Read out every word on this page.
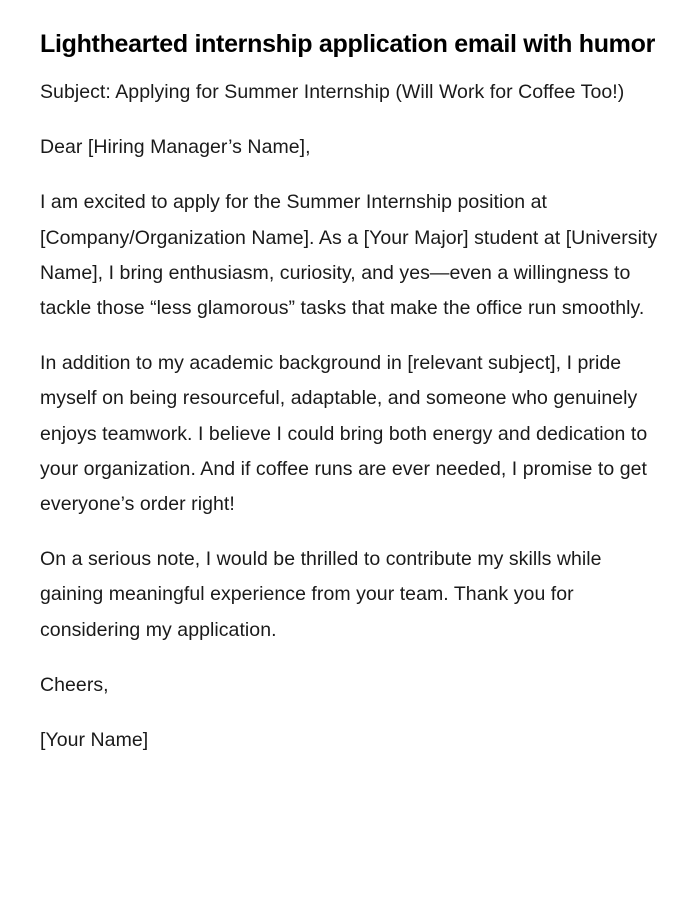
Lighthearted internship application email with humor

Subject: Applying for Summer Internship (Will Work for Coffee Too!)

Dear [Hiring Manager’s Name],

I am excited to apply for the Summer Internship position at [Company/Organization Name]. As a [Your Major] student at [University Name], I bring enthusiasm, curiosity, and yes—even a willingness to tackle those “less glamorous” tasks that make the office run smoothly.

In addition to my academic background in [relevant subject], I pride myself on being resourceful, adaptable, and someone who genuinely enjoys teamwork. I believe I could bring both energy and dedication to your organization. And if coffee runs are ever needed, I promise to get everyone’s order right!

On a serious note, I would be thrilled to contribute my skills while gaining meaningful experience from your team. Thank you for considering my application.

Cheers,

[Your Name]
